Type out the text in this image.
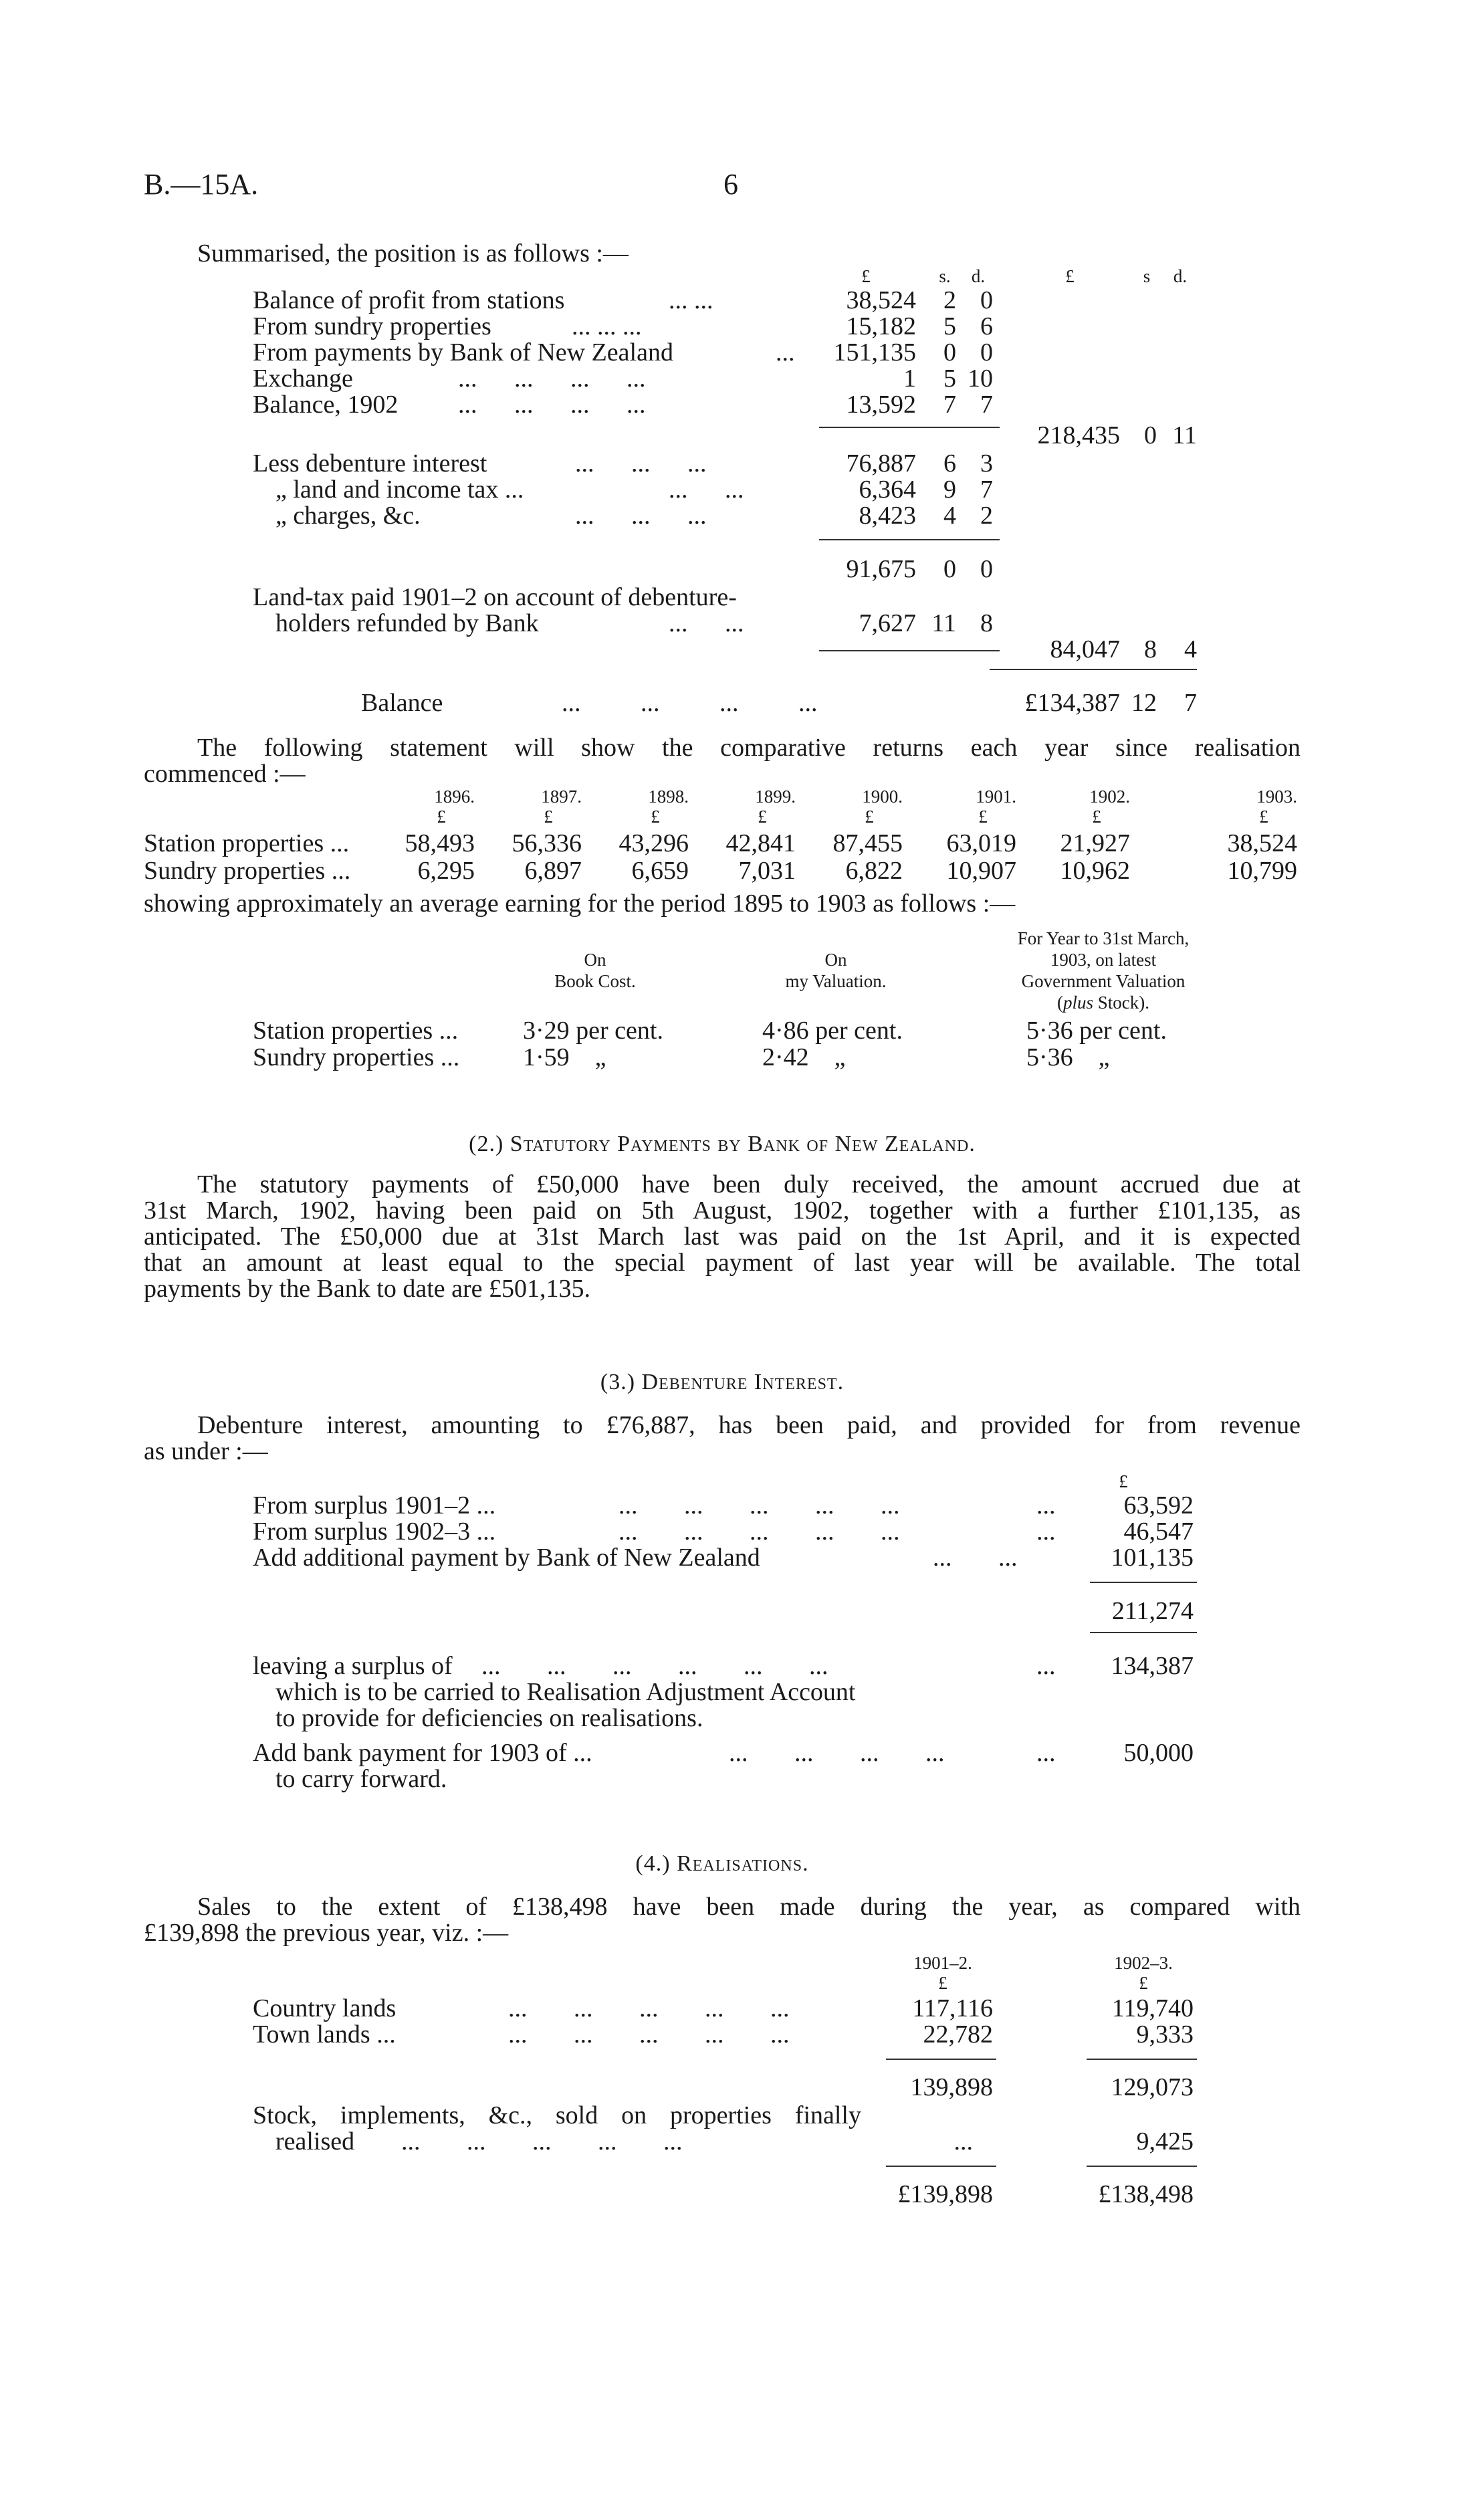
B.—15A.	6
Summarised, the position is as follows :—
£	s. d.	£	s	d.
Balance of profit from stations	... ...	38,524	2 0
From sundry properties	... ... ...	15,182	5 6
From payments by Bank of New Zealand	...	151,135	0 0
Exchange	... ... ... ...	1	5 10
Balance, 1902 ... ... ... ...	13,592	7 7
218,435 0 11
Less debenture interest	... ... ...	76,887	6 3
„ land and income tax ...	... ...	6,364	9 7
„ charges, &c.	... ... ...	8,423	4 2
91,675	0 0
Land-tax paid 1901–2 on account of debenture-
holders refunded by Bank	... ...	7,627 11 8
84,047 8	4
Balance	... ... ... ...	£134,387 12	7
The following statement will show the comparative returns each year since realisation
commenced :—
1896.	1897.	1898.	1899.	1900.	1901.	1902.	1903.
£	£	£	£	£	£	£	£
Station properties ...	58,493	56,336	43,296	42,841	87,455	63,019	21,927	38,524
Sundry properties ...	6,295	6,897	6,659	7,031	6,822	10,907	10,962	10,799
showing approximately an average earning for the period 1895 to 1903 as follows :—
On
Book Cost.
On
my Valuation.
For Year to 31st March,
1903, on latest
Government Valuation
(plus Stock).
Station properties ...	3·29 per cent.	4·86 per cent.	5·36 per cent.
Sundry properties ... 1·59    „	2·42    „	5·36    „
(2.) Statutory Payments by Bank of New Zealand.
The statutory payments of £50,000 have been duly received, the amount accrued due at
31st March, 1902, having been paid on 5th August, 1902, together with a further £101,135, as
anticipated. The £50,000 due at 31st March last was paid on the 1st April, and it is expected
that an amount at least equal to the special payment of last year will be available. The total
payments by the Bank to date are £501,135.
(3.) Debenture Interest.
Debenture interest, amounting to £76,887, has been paid, and provided for from revenue
as under :—
£
From surplus 1901–2 ...	... ... ... ... ...	...	63,592
From surplus 1902–3 ...	... ... ... ... ...	...	46,547
Add additional payment by Bank of New Zealand	... ...	101,135
211,274
leaving a surplus of ... ... ... ... ... ...	...	134,387
which is to be carried to Realisation Adjustment Account
to provide for deficiencies on realisations.
Add bank payment for 1903 of ...	... ... ... ...	...	50,000
to carry forward.
(4.) Realisations.
Sales to the extent of £138,498 have been made during the year, as compared with
£139,898 the previous year, viz. :—
1901–2.	1902–3.
£	£
Country lands	... ... ... ... ...	117,116	119,740
Town lands ...	... ... ... ... ...	22,782	9,333
139,898	129,073
Stock, implements, &c., sold on properties finally
realised ... ... ... ... ...	...	9,425
£139,898	£138,498
